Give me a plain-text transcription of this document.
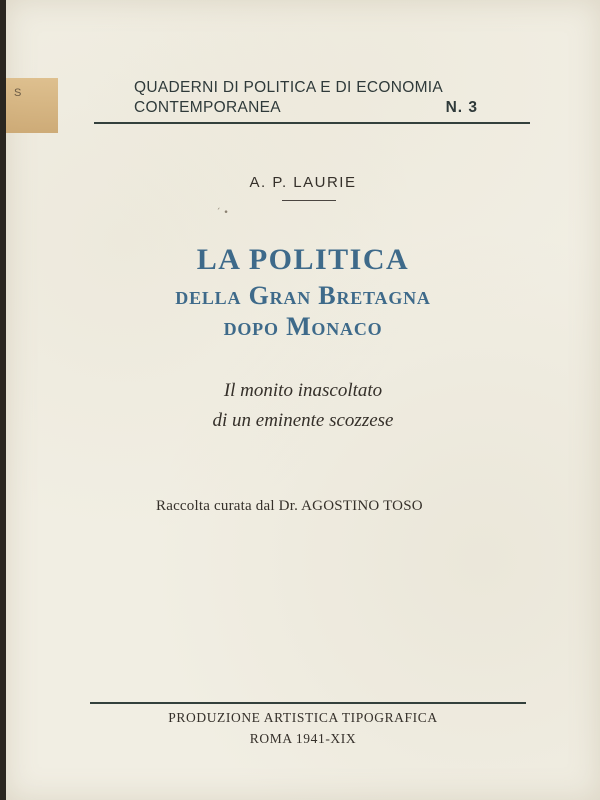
S	QUADERNI DI POLITICA E DI ECONOMIA
CONTEMPORANEA	N. 3
A. P. LAURIE
´ •
LA POLITICA
della Gran Bretagna
dopo Monaco
Il monito inascoltato
di un eminente scozzese
Raccolta curata dal Dr. AGOSTINO TOSO
PRODUZIONE ARTISTICA TIPOGRAFICA
ROMA 1941-XIX
